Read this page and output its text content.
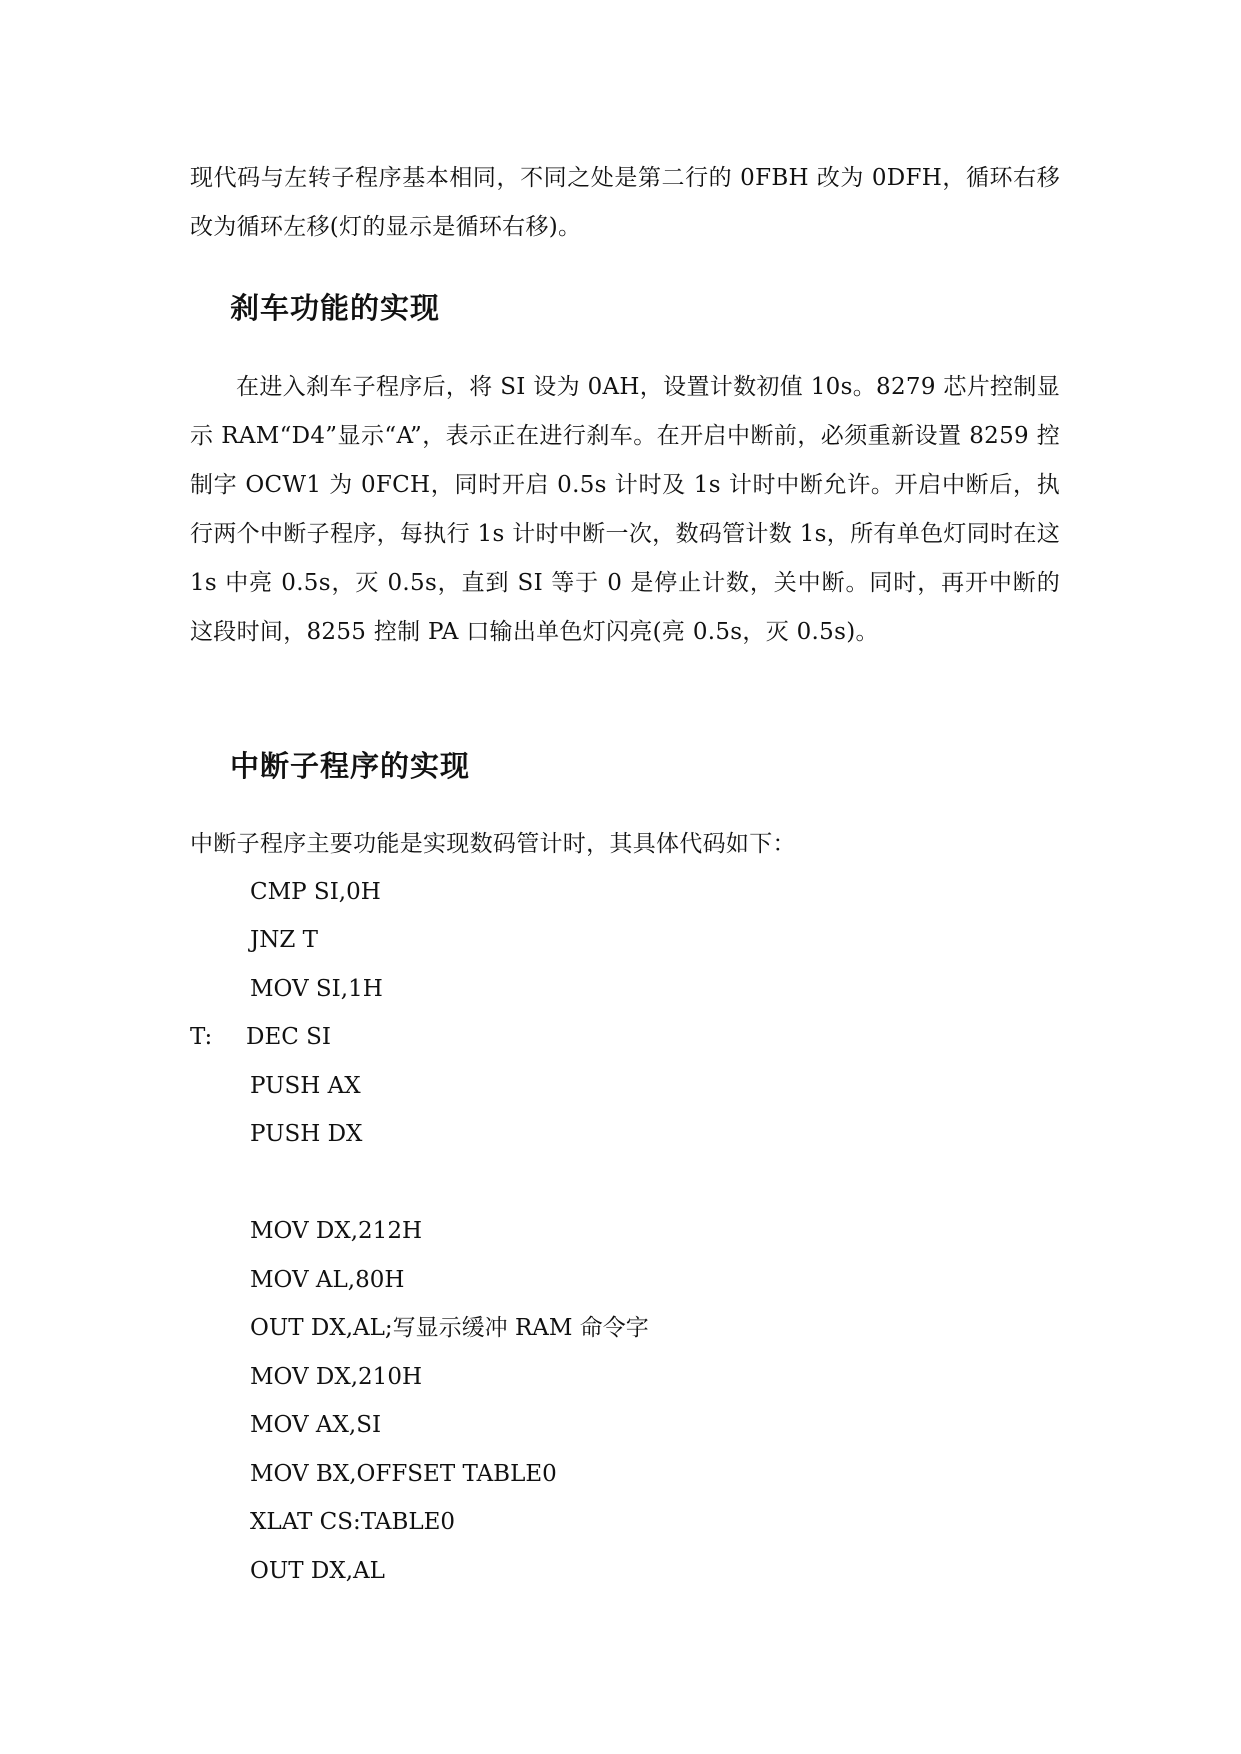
现代码与左转子程序基本相同，不同之处是第二行的 0FBH 改为 0DFH，循环右移改为循环左移(灯的显示是循环右移)。

刹车功能的实现

在进入刹车子程序后，将 SI 设为 0AH，设置计数初值 10s。8279 芯片控制显示 RAM“D4”显示“A”，表示正在进行刹车。在开启中断前，必须重新设置 8259 控制字 OCW1 为 0FCH，同时开启 0.5s 计时及 1s 计时中断允许。开启中断后，执行两个中断子程序，每执行 1s 计时中断一次，数码管计数 1s，所有单色灯同时在这 1s 中亮 0.5s，灭 0.5s，直到 SI 等于 0 是停止计数，关中断。同时，再开中断的这段时间，8255 控制 PA 口输出单色灯闪亮(亮 0.5s，灭 0.5s)。

中断子程序的实现

中断子程序主要功能是实现数码管计时，其具体代码如下：

CMP SI,0H
JNZ T
MOV SI,1H
T: DEC SI
PUSH AX
PUSH DX
MOV DX,212H
MOV AL,80H
OUT DX,AL;写显示缓冲 RAM 命令字
MOV DX,210H
MOV AX,SI
MOV BX,OFFSET TABLE0
XLAT CS:TABLE0
OUT DX,AL
